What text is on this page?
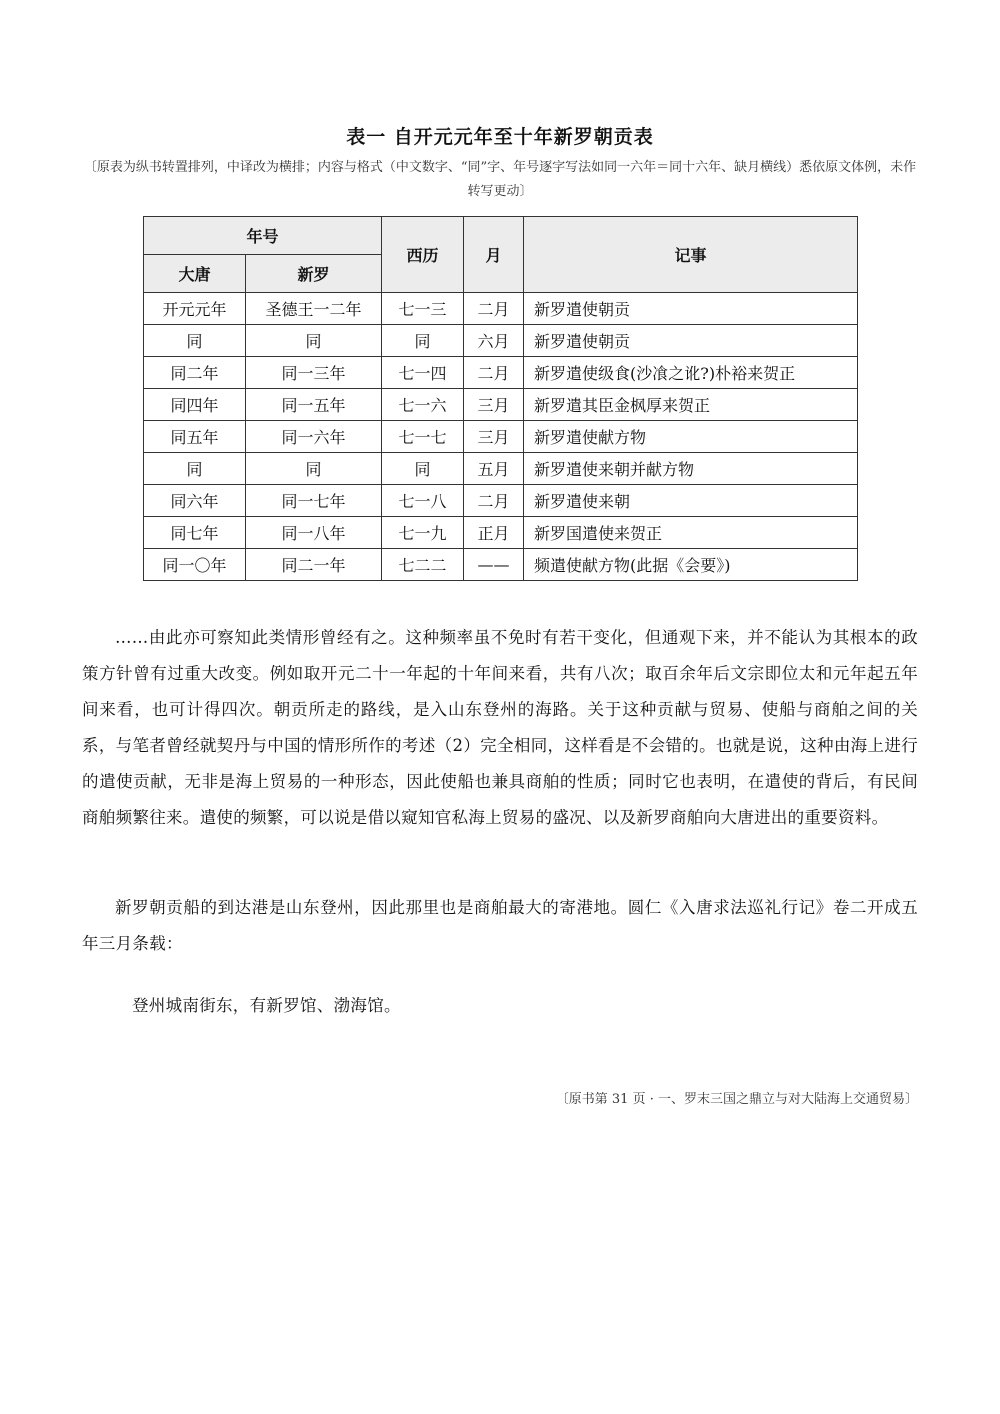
表一 自开元元年至十年新罗朝贡表

〔原表为纵书转置排列，中译改为横排；内容与格式（中文数字、“同”字、年号逐字写法如同一六年＝同十六年、缺月横线）悉依原文体例，未作转写更动〕

年号		西历	月	记事
大唐	新罗			
开元元年	圣德王一二年	七一三	二月	新罗遣使朝贡
同	同	同	六月	新罗遣使朝贡
同二年	同一三年	七一四	二月	新罗遣使级食(沙飡之讹?)朴裕来贺正
同四年	同一五年	七一六	三月	新罗遣其臣金枫厚来贺正
同五年	同一六年	七一七	三月	新罗遣使献方物
同	同	同	五月	新罗遣使来朝并献方物
同六年	同一七年	七一八	二月	新罗遣使来朝
同七年	同一八年	七一九	正月	新罗国遣使来贺正
同一〇年	同二一年	七二二	——	频遣使献方物(此据《会要》)

……由此亦可察知此类情形曾经有之。这种频率虽不免时有若干变化，但通观下来，并不能认为其根本的政策方针曾有过重大改变。例如取开元二十一年起的十年间来看，共有八次；取百余年后文宗即位太和元年起五年间来看，也可计得四次。朝贡所走的路线，是入山东登州的海路。关于这种贡献与贸易、使船与商舶之间的关系，与笔者曾经就契丹与中国的情形所作的考述（2）完全相同，这样看是不会错的。也就是说，这种由海上进行的遣使贡献，无非是海上贸易的一种形态，因此使船也兼具商舶的性质；同时它也表明，在遣使的背后，有民间商舶频繁往来。遣使的频繁，可以说是借以窥知官私海上贸易的盛况、以及新罗商舶向大唐进出的重要资料。

新罗朝贡船的到达港是山东登州，因此那里也是商舶最大的寄港地。圆仁《入唐求法巡礼行记》卷二开成五年三月条载：

登州城南街东，有新罗馆、渤海馆。

〔原书第 31 页 · 一、罗末三国之鼎立与对大陆海上交通贸易〕
